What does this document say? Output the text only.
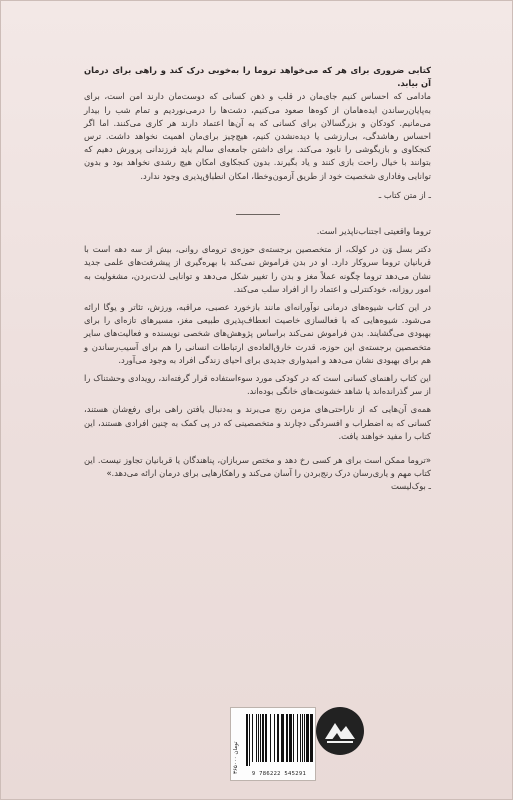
کتابی ضروری برای هر که می‌خواهد تروما را به‌خوبی درک کند و راهی برای درمان آن بیابد.

مادامی که احساس کنیم جای‌مان در قلب و ذهن کسانی که دوست‌مان دارند امن است، برای به‌پایان‌رساندن ایده‌هامان از کوه‌ها صعود می‌کنیم، دشت‌ها را درمی‌نوردیم و تمام شب را بیدار می‌مانیم. کودکان و بزرگسالان برای کسانی که به آن‌ها اعتماد دارند هر کاری می‌کنند. اما اگر احساس رهاشدگی، بی‌ارزشی یا دیده‌نشدن کنیم، هیچ‌چیز برای‌مان اهمیت نخواهد داشت. ترس کنجکاوی و بازیگوشی را نابود می‌کند. برای داشتن جامعه‌ای سالم باید فرزندانی پرورش دهیم که بتوانند با خیال راحت بازی کنند و یاد بگیرند. بدون کنجکاوی امکان هیچ رشدی نخواهد بود و بدون توانایی وفاداری شخصیت خود از طریق آزمون‌وخطا، امکان انطباق‌پذیری وجود ندارد.

ـ از متن کتاب ـ

تروما واقعیتی اجتناب‌ناپذیر است.

دکتر بسل وَن در کولک، از متخصصین برجسته‌ی حوزه‌ی ترومای روانی، بیش از سه دهه است با قربانیان تروما سروکار دارد. او در بدن فراموش نمی‌کند با بهره‌گیری از پیشرفت‌های علمی جدید نشان می‌دهد تروما چگونه عملاً مغز و بدن را تغییر شکل می‌دهد و توانایی لذت‌بردن، مشغولیت به امور روزانه، خودکنترلی و اعتماد را از افراد سلب می‌کند.

در این کتاب شیوه‌های درمانی نوآورانه‌ای مانند بازخورد عصبی، مراقبه، ورزش، تئاتر و یوگا ارائه می‌شود. شیوه‌هایی که با فعالسازی خاصیت انعطاف‌پذیری طبیعی مغز، مسیرهای تازه‌ای را برای بهبودی می‌گشایند. بدن فراموش نمی‌کند براساس پژوهش‌های شخصی نویسنده و فعالیت‌های سایر متخصصین برجسته‌ی این حوزه، قدرت خارق‌العاده‌ی ارتباطات انسانی را هم برای آسیب‌رساندن و هم برای بهبودی نشان می‌دهد و امیدواری جدیدی برای احیای زندگی افراد به وجود می‌آورد.

این کتاب راهنمای کسانی است که در کودکی مورد سوءاستفاده قرار گرفته‌اند، رویدادی وحشتناک را از سر گذرانده‌اند یا شاهد خشونت‌های خانگی بوده‌اند.

همه‌ی آن‌هایی که از ناراحتی‌های مزمن رنج می‌برند و به‌دنبال یافتن راهی برای رفع‌شان هستند، کسانی که به اضطراب و افسردگی دچارند و متخصصینی که در پی کمک به چنین افرادی هستند، این کتاب را مفید خواهند یافت.

«تروما ممکن است برای هر کسی رخ دهد و مختص سربازان، پناهندگان یا قربانیان تجاوز نیست. این کتاب مهم و یاری‌رسان درک رنج‌بردن را آسان می‌کند و راهکارهایی برای درمان ارائه می‌دهد.»

ـ بوک‌لیست

۳۶۵۰۰۰ تومان
9 786222 545291
